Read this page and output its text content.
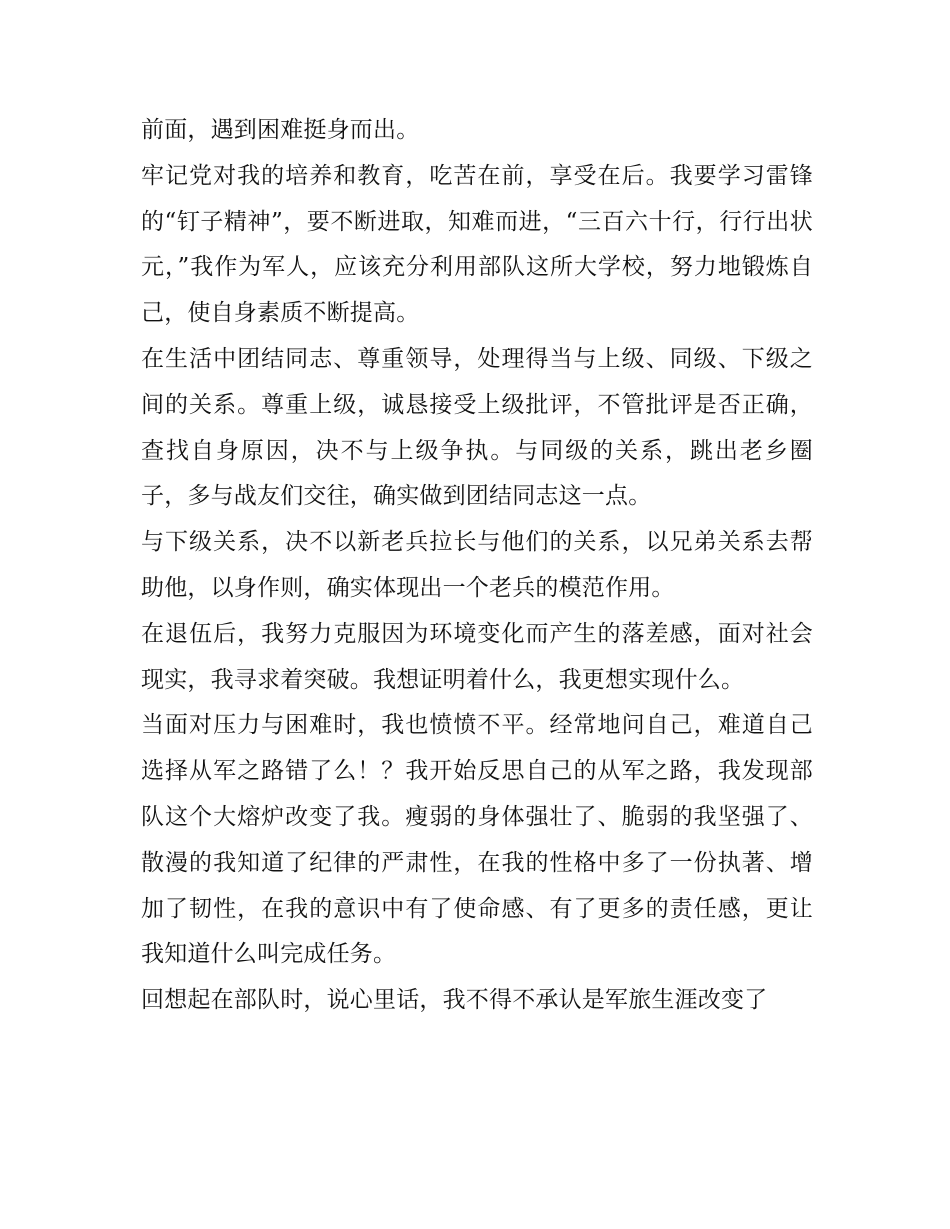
前面，遇到困难挺身而出。

牢记党对我的培养和教育，吃苦在前，享受在后。我要学习雷锋的“钉子精神”，要不断进取，知难而进，“三百六十行，行行出状元，”我作为军人，应该充分利用部队这所大学校，努力地锻炼自己，使自身素质不断提高。

在生活中团结同志、尊重领导，处理得当与上级、同级、下级之间的关系。尊重上级，诚恳接受上级批评，不管批评是否正确，查找自身原因，决不与上级争执。与同级的关系，跳出老乡圈子，多与战友们交往，确实做到团结同志这一点。

与下级关系，决不以新老兵拉长与他们的关系，以兄弟关系去帮助他，以身作则，确实体现出一个老兵的模范作用。

在退伍后，我努力克服因为环境变化而产生的落差感，面对社会现实，我寻求着突破。我想证明着什么，我更想实现什么。

当面对压力与困难时，我也愤愤不平。经常地问自己，难道自己选择从军之路错了么！？我开始反思自己的从军之路，我发现部队这个大熔炉改变了我。瘦弱的身体强壮了、脆弱的我坚强了、散漫的我知道了纪律的严肃性，在我的性格中多了一份执著、增加了韧性，在我的意识中有了使命感、有了更多的责任感，更让我知道什么叫完成任务。

回想起在部队时，说心里话，我不得不承认是军旅生涯改变了
